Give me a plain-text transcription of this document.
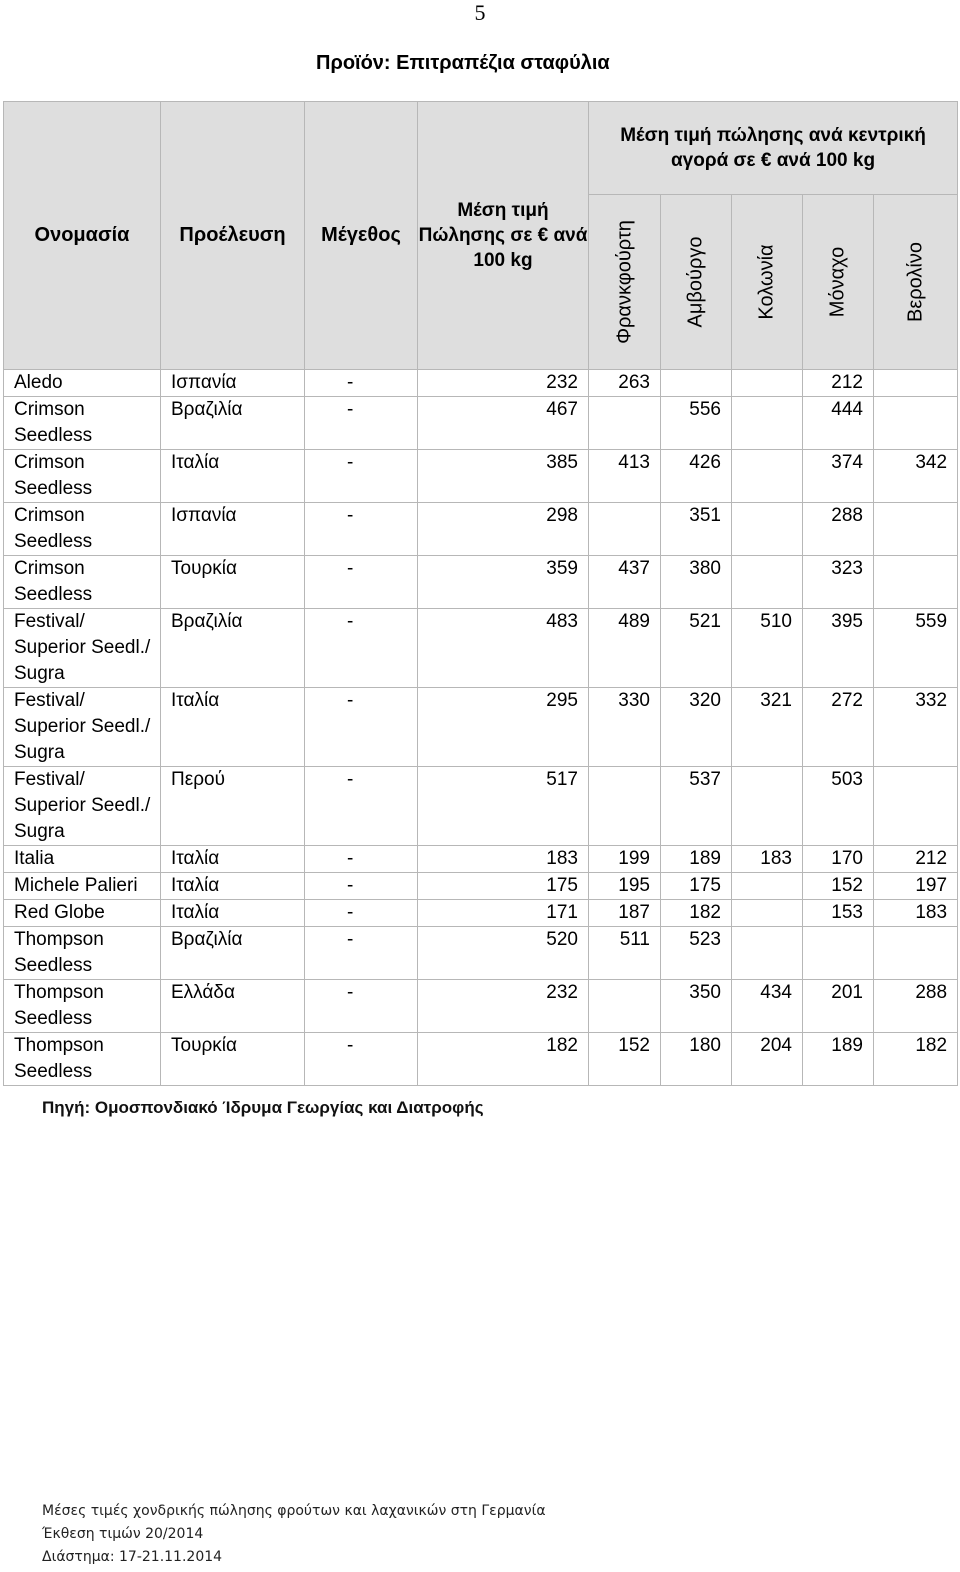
5
Προϊόν: Επιτραπέζια σταφύλια
Ονομασία	Προέλευση	Μέγεθος	Μέση τιμή Πώλησης σε € ανά 100 kg	Μέση τιμή πώλησης ανά κεντρική αγορά σε € ανά 100 kg				

				Φρανκφούρτη	Αμβούργο	Κολωνία	Μόναχο	Βερολίνο

Aledo	Ισπανία	-	232	263			212	
Crimson Seedless	Βραζιλία	-	467		556		444	
Crimson Seedless	Ιταλία	-	385	413	426		374	342
Crimson Seedless	Ισπανία	-	298		351		288	
Crimson Seedless	Τουρκία	-	359	437	380		323	
Festival/ Superior Seedl./ Sugra	Βραζιλία	-	483	489	521	510	395	559
Festival/ Superior Seedl./ Sugra	Ιταλία	-	295	330	320	321	272	332
Festival/ Superior Seedl./ Sugra	Περού	-	517		537		503	
Italia	Ιταλία	-	183	199	189	183	170	212
Michele Palieri	Ιταλία	-	175	195	175		152	197
Red Globe	Ιταλία	-	171	187	182		153	183
Thompson Seedless	Βραζιλία	-	520	511	523			
Thompson Seedless	Ελλάδα	-	232		350	434	201	288
Thompson Seedless	Τουρκία	-	182	152	180	204	189	182
Πηγή: Ομοσπονδιακό Ίδρυμα Γεωργίας και Διατροφής
Μέσες τιμές χονδρικής πώλησης φρούτων και λαχανικών στη Γερμανία
Έκθεση τιμών 20/2014
Διάστημα: 17-21.11.2014
